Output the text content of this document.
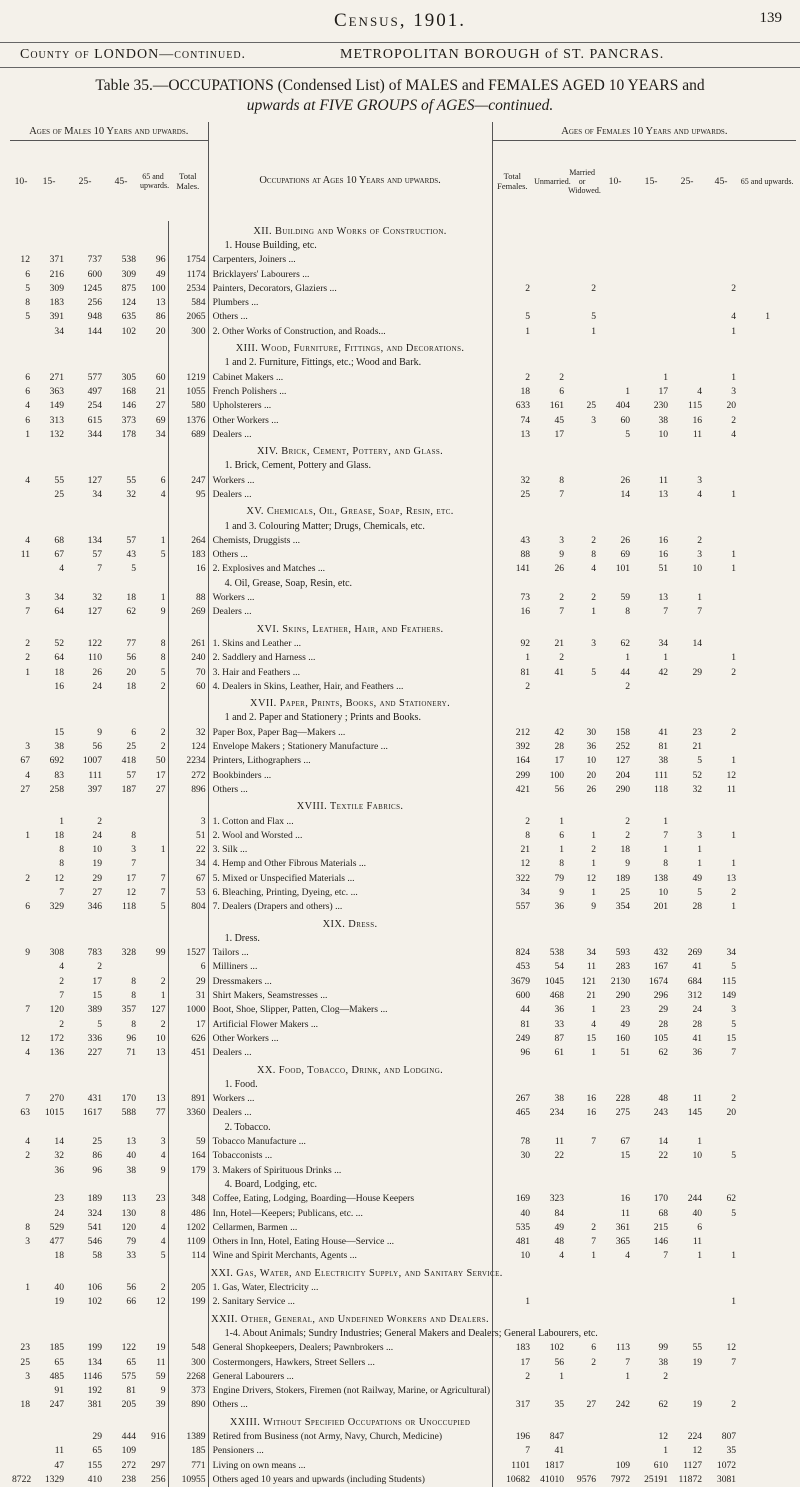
Census, 1901.	139
County of LONDON—continued.	METROPOLITAN BOROUGH of ST. PANCRAS.
Table 35.—OCCUPATIONS (Condensed List) of MALES and FEMALES AGED 10 YEARS and
upwards at FIVE GROUPS of AGES—continued.
Ages of Males 10 Years and upwards.							Ages of Females 10 Years and upwards.								
10-	15-	25-	45-	65 and upwards.	Total Males.	Occupations at Ages 10 Years and upwards.	Total Females.	Unmarried.	Married or Widowed.	10-	15-	25-	45-	65 and upwards.	
						XII. Building and Works of Construction.									
						1. House Building, etc.									
12	371	737	538	96	1754	Carpenters, Joiners ...									
6	216	600	309	49	1174	Bricklayers' Labourers ...									
5	309	1245	875	100	2534	Painters, Decorators, Glaziers ...	2		2				2		
8	183	256	124	13	584	Plumbers ...									
5	391	948	635	86	2065	Others ...	5		5				4	1	
	34	144	102	20	300	2. Other Works of Construction, and Roads...	1		1				1		
						XIII. Wood, Furniture, Fittings, and Decorations.									
						1 and 2. Furniture, Fittings, etc.; Wood and Bark.									
6	271	577	305	60	1219	Cabinet Makers ...	2	2			1		1		
6	363	497	168	21	1055	French Polishers ...	18	6		1	17	4	3		
4	149	254	146	27	580	Upholsterers ...	633	161	25	404	230	115	20		
6	313	615	373	69	1376	Other Workers ...	74	45	3	60	38	16	2		
1	132	344	178	34	689	Dealers ...	13	17		5	10	11	4		
						XIV. Brick, Cement, Pottery, and Glass.									
						1. Brick, Cement, Pottery and Glass.									
4	55	127	55	6	247	Workers ...	32	8		26	11	3			
	25	34	32	4	95	Dealers ...	25	7		14	13	4	1		
						XV. Chemicals, Oil, Grease, Soap, Resin, etc.									
						1 and 3. Colouring Matter; Drugs, Chemicals, etc.									
4	68	134	57	1	264	Chemists, Druggists ...	43	3	2	26	16	2			
11	67	57	43	5	183	Others ...	88	9	8	69	16	3	1		
	4	7	5		16	2. Explosives and Matches ...	141	26	4	101	51	10	1		
						4. Oil, Grease, Soap, Resin, etc.									
3	34	32	18	1	88	Workers ...	73	2	2	59	13	1			
7	64	127	62	9	269	Dealers ...	16	7	1	8	7	7			
						XVI. Skins, Leather, Hair, and Feathers.									
2	52	122	77	8	261	1. Skins and Leather ...	92	21	3	62	34	14			
2	64	110	56	8	240	2. Saddlery and Harness ...	1	2		1	1		1		
1	18	26	20	5	70	3. Hair and Feathers ...	81	41	5	44	42	29	2		
	16	24	18	2	60	4. Dealers in Skins, Leather, Hair, and Feathers ...	2			2					
						XVII. Paper, Prints, Books, and Stationery.									
						1 and 2. Paper and Stationery ; Prints and Books.									
	15	9	6	2	32	Paper Box, Paper Bag—Makers ...	212	42	30	158	41	23	2		
3	38	56	25	2	124	Envelope Makers ; Stationery Manufacture ...	392	28	36	252	81	21			
67	692	1007	418	50	2234	Printers, Lithographers ...	164	17	10	127	38	5	1		
4	83	111	57	17	272	Bookbinders ...	299	100	20	204	111	52	12		
27	258	397	187	27	896	Others ...	421	56	26	290	118	32	11		
						XVIII. Textile Fabrics.									
	1	2			3	1. Cotton and Flax ...	2	1		2	1				
1	18	24	8		51	2. Wool and Worsted ...	8	6	1	2	7	3	1		
	8	10	3	1	22	3. Silk ...	21	1	2	18	1	1			
	8	19	7		34	4. Hemp and Other Fibrous Materials ...	12	8	1	9	8	1	1		
2	12	29	17	7	67	5. Mixed or Unspecified Materials ...	322	79	12	189	138	49	13		
	7	27	12	7	53	6. Bleaching, Printing, Dyeing, etc. ...	34	9	1	25	10	5	2		
6	329	346	118	5	804	7. Dealers (Drapers and others) ...	557	36	9	354	201	28	1		
						XIX. Dress.									
						1. Dress.									
9	308	783	328	99	1527	Tailors ...	824	538	34	593	432	269	34		
	4	2			6	Milliners ...	453	54	11	283	167	41	5		
	2	17	8	2	29	Dressmakers ...	3679	1045	121	2130	1674	684	115		
	7	15	8	1	31	Shirt Makers, Seamstresses ...	600	468	21	290	296	312	149		
7	120	389	357	127	1000	Boot, Shoe, Slipper, Patten, Clog—Makers ...	44	36	1	23	29	24	3		
	2	5	8	2	17	Artificial Flower Makers ...	81	33	4	49	28	28	5		
12	172	336	96	10	626	Other Workers ...	249	87	15	160	105	41	15		
4	136	227	71	13	451	Dealers ...	96	61	1	51	62	36	7		
						XX. Food, Tobacco, Drink, and Lodging.									
						1. Food.									
7	270	431	170	13	891	Workers ...	267	38	16	228	48	11	2		
63	1015	1617	588	77	3360	Dealers ...	465	234	16	275	243	145	20		
						2. Tobacco.									
4	14	25	13	3	59	Tobacco Manufacture ...	78	11	7	67	14	1			
2	32	86	40	4	164	Tobacconists ...	30	22		15	22	10	5		
	36	96	38	9	179	3. Makers of Spirituous Drinks ...									
						4. Board, Lodging, etc.									
	23	189	113	23	348	Coffee, Eating, Lodging, Boarding—House Keepers	169	323		16	170	244	62		
	24	324	130	8	486	Inn, Hotel—Keepers; Publicans, etc. ...	40	84		11	68	40	5		
8	529	541	120	4	1202	Cellarmen, Barmen ...	535	49	2	361	215	6			
3	477	546	79	4	1109	Others in Inn, Hotel, Eating House—Service ...	481	48	7	365	146	11			
	18	58	33	5	114	Wine and Spirit Merchants, Agents ...	10	4	1	4	7	1	1		
						XXI. Gas, Water, and Electricity Supply, and Sanitary Service.									
1	40	106	56	2	205	1. Gas, Water, Electricity ...									
	19	102	66	12	199	2. Sanitary Service ...	1						1		
						XXII. Other, General, and Undefined Workers and Dealers.									
						1-4. About Animals; Sundry Industries; General Makers and Dealers; General Labourers, etc.									
23	185	199	122	19	548	General Shopkeepers, Dealers; Pawnbrokers ...	183	102	6	113	99	55	12		
25	65	134	65	11	300	Costermongers, Hawkers, Street Sellers ...	17	56	2	7	38	19	7		
3	485	1146	575	59	2268	General Labourers ...	2	1		1	2				
	91	192	81	9	373	Engine Drivers, Stokers, Firemen (not Railway, Marine, or Agricultural)									
18	247	381	205	39	890	Others ...	317	35	27	242	62	19	2		
						XXIII. Without Specified Occupations or Unoccupied									
		29	444	916	1389	Retired from Business (not Army, Navy, Church, Medicine)	196	847			12	224	807		
	11	65	109		185	Pensioners ...	7	41			1	12	35		
	47	155	272	297	771	Living on own means ...	1101	1817		109	610	1127	1072		
8722	1329	410	238	256	10955	Others aged 10 years and upwards (including Students)	10682	41010	9576	7972	25191	11872	3081		
